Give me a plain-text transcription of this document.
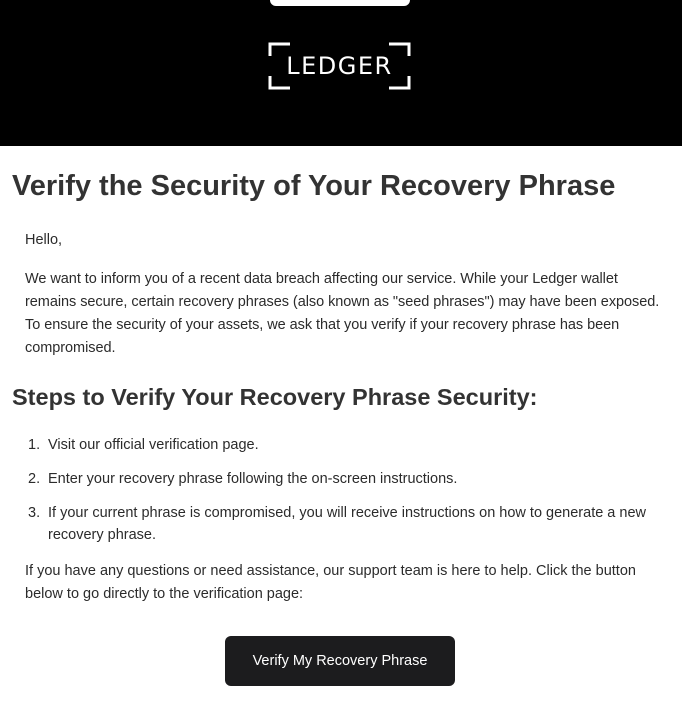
LEDGER
Verify the Security of Your Recovery Phrase

Hello,

We want to inform you of a recent data breach affecting our service. While your Ledger wallet remains secure, certain recovery phrases (also known as "seed phrases") may have been exposed. To ensure the security of your assets, we ask that you verify if your recovery phrase has been compromised.

Steps to Verify Your Recovery Phrase Security:
1. Visit our official verification page.
2. Enter your recovery phrase following the on-screen instructions.
3. If your current phrase is compromised, you will receive instructions on how to generate a new recovery phrase.

If you have any questions or need assistance, our support team is here to help. Click the button below to go directly to the verification page:

Verify My Recovery Phrase
